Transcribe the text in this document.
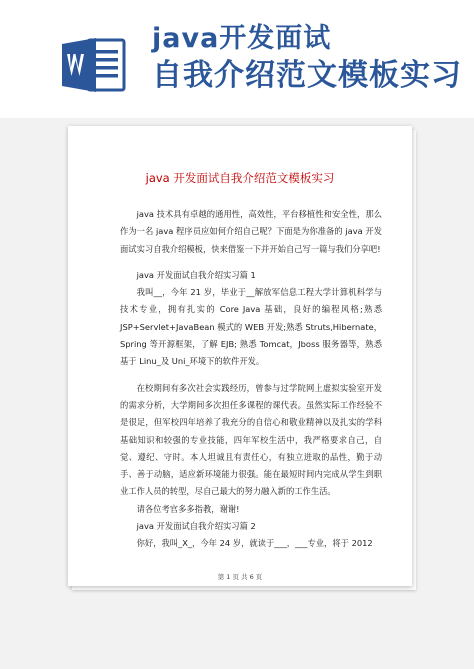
java开发面试
自我介绍范文模板实习
java 开发面试自我介绍范文模板实习

java 技术具有卓越的通用性，高效性，平台移植性和安全性，那么作为一名 java 程序员应如何介绍自己呢？下面是为你准备的 java 开发面试实习自我介绍模板，快来借鉴一下并开始自己写一篇与我们分享吧!

java 开发面试自我介绍实习篇 1

我叫__，今年 21 岁，毕业于__解放军信息工程大学计算机科学与技术专业，拥有扎实的 Core Java 基础，良好的编程风格;熟悉 JSP+Servlet+JavaBean 模式的 WEB 开发;熟悉 Struts,Hibernate，Spring 等开源框架，了解 EJB; 熟悉 Tomcat，Jboss 服务器等，熟悉基于 Linu_及 Uni_环境下的软件开发。

在校期间有多次社会实践经历，曾参与过学院网上虚拟实验室开发的需求分析，大学期间多次担任多课程的课代表。虽然实际工作经验不是很足，但军校四年培养了我充分的自信心和敬业精神以及扎实的学科基础知识和较强的专业技能，四年军校生活中，我严格要求自己，自觉、遵纪、守时。本人坦诚且有责任心，有独立进取的品性，勤于动手、善于动脑，适应新环境能力很强。能在最短时间内完成从学生到职业工作人员的转型，尽自己最大的努力融入新的工作生活。

请各位考官多多指教，谢谢!

java 开发面试自我介绍实习篇 2

你好，我叫_X_，今年 24 岁，就读于___，___专业，将于 2012

第 1 页 共 6 页
